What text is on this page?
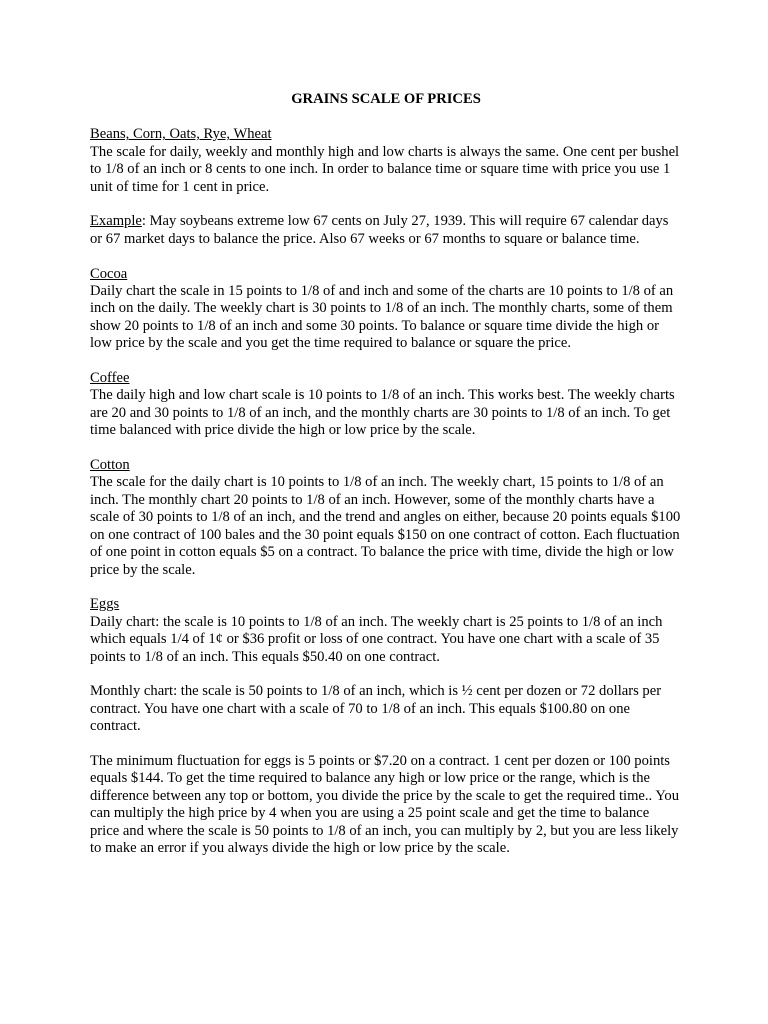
GRAINS SCALE OF PRICES
Beans, Corn, Oats, Rye, Wheat

The scale for daily, weekly and monthly high and low charts is always the same. One cent per bushel to 1/8 of an inch or 8 cents to one inch. In order to balance time or square time with price you use 1 unit of time for 1 cent in price.

Example: May soybeans extreme low 67 cents on July 27, 1939. This will require 67 calendar days or 67 market days to balance the price. Also 67 weeks or 67 months to square or balance time.

Cocoa

Daily chart the scale in 15 points to 1/8 of and inch and some of the charts are 10 points to 1/8 of an inch on the daily. The weekly chart is 30 points to 1/8 of an inch. The monthly charts, some of them show 20 points to 1/8 of an inch and some 30 points. To balance or square time divide the high or low price by the scale and you get the time required to balance or square the price.

Coffee

The daily high and low chart scale is 10 points to 1/8 of an inch. This works best. The weekly charts are 20 and 30 points to 1/8 of an inch, and the monthly charts are 30 points to 1/8 of an inch. To get time balanced with price divide the high or low price by the scale.

Cotton

The scale for the daily chart is 10 points to 1/8 of an inch. The weekly chart, 15 points to 1/8 of an inch. The monthly chart 20 points to 1/8 of an inch. However, some of the monthly charts have a scale of 30 points to 1/8 of an inch, and the trend and angles on either, because 20 points equals $100 on one contract of 100 bales and the 30 point equals $150 on one contract of cotton. Each fluctuation of one point in cotton equals $5 on a contract. To balance the price with time, divide the high or low price by the scale.

Eggs

Daily chart: the scale is 10 points to 1/8 of an inch. The weekly chart is 25 points to 1/8 of an inch which equals 1/4 of 1¢ or $36 profit or loss of one contract. You have one chart with a scale of 35 points to 1/8 of an inch. This equals $50.40 on one contract.

Monthly chart: the scale is 50 points to 1/8 of an inch, which is ½ cent per dozen or 72 dollars per contract. You have one chart with a scale of 70 to 1/8 of an inch. This equals $100.80 on one contract.

The minimum fluctuation for eggs is 5 points or $7.20 on a contract. 1 cent per dozen or 100 points equals $144. To get the time required to balance any high or low price or the range, which is the difference between any top or bottom, you divide the price by the scale to get the required time.. You can multiply the high price by 4 when you are using a 25 point scale and get the time to balance price and where the scale is 50 points to 1/8 of an inch, you can multiply by 2, but you are less likely to make an error if you always divide the high or low price by the scale.
